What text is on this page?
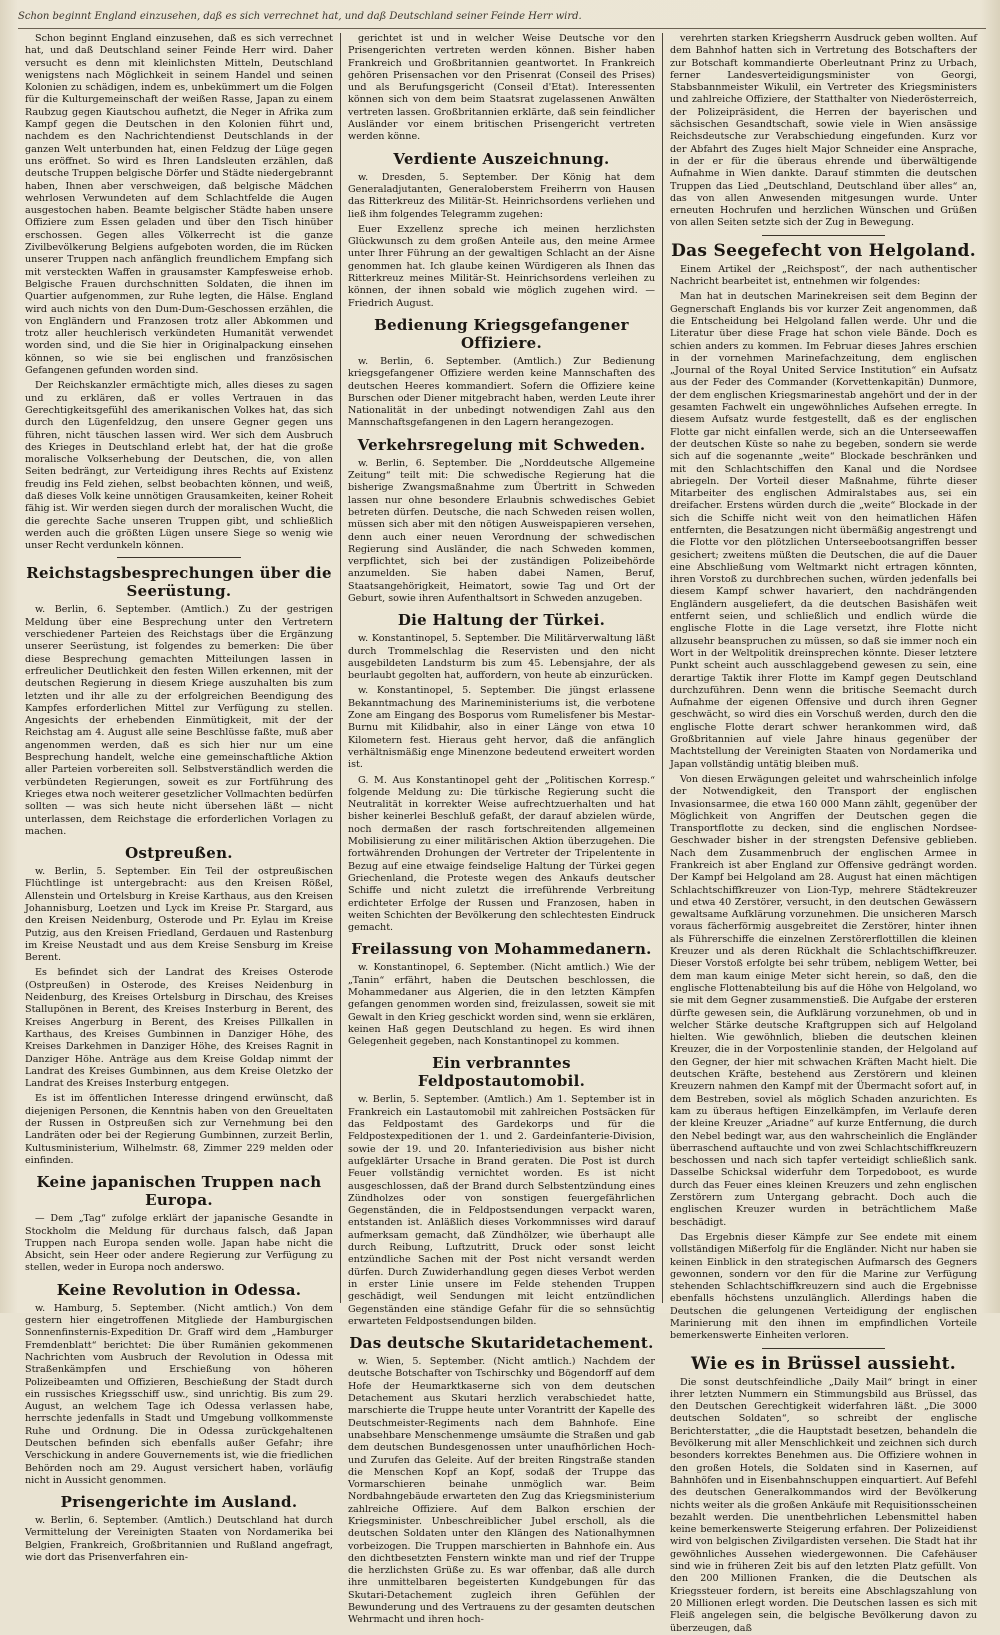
Schon beginnt England einzusehen, daß es sich verrechnet hat, und daß Deutschland seiner Feinde Herr wird.

Schon beginnt England einzusehen, daß es sich verrechnet hat, und daß Deutschland seiner Feinde Herr wird. Daher versucht es denn mit kleinlichsten Mitteln, Deutschland wenigstens nach Möglichkeit in seinem Handel und seinen Kolonien zu schädigen, indem es, unbekümmert um die Folgen für die Kulturgemeinschaft der weißen Rasse, Japan zu einem Raubzug gegen Kiautschou aufhetzt, die Neger in Afrika zum Kampf gegen die Deutschen in den Kolonien führt und, nachdem es den Nachrichtendienst Deutschlands in der ganzen Welt unterbunden hat, einen Feldzug der Lüge gegen uns eröffnet. So wird es Ihren Landsleuten erzählen, daß deutsche Truppen belgische Dörfer und Städte niedergebrannt haben, Ihnen aber verschweigen, daß belgische Mädchen wehrlosen Verwundeten auf dem Schlachtfelde die Augen ausgestochen haben. Beamte belgischer Städte haben unsere Offiziere zum Essen geladen und über den Tisch hinüber erschossen. Gegen alles Völkerrecht ist die ganze Zivilbevölkerung Belgiens aufgeboten worden, die im Rücken unserer Truppen nach anfänglich freundlichem Empfang sich mit versteckten Waffen in grausamster Kampfesweise erhob. Belgische Frauen durchschnitten Soldaten, die ihnen im Quartier aufgenommen, zur Ruhe legten, die Hälse. England wird auch nichts von den Dum-Dum-Geschossen erzählen, die von Engländern und Franzosen trotz aller Abkommen und trotz aller heuchlerisch verkündeten Humanität verwendet worden sind, und die Sie hier in Originalpackung einsehen können, so wie sie bei englischen und französischen Gefangenen gefunden worden sind.

Der Reichskanzler ermächtigte mich, alles dieses zu sagen und zu erklären, daß er volles Vertrauen in das Gerechtigkeitsgefühl des amerikanischen Volkes hat, das sich durch den Lügenfeldzug, den unsere Gegner gegen uns führen, nicht täuschen lassen wird. Wer sich dem Ausbruch des Krieges in Deutschland erlebt hat, der hat die große moralische Volkserhebung der Deutschen, die, von allen Seiten bedrängt, zur Verteidigung ihres Rechts auf Existenz freudig ins Feld ziehen, selbst beobachten können, und weiß, daß dieses Volk keine unnötigen Grausamkeiten, keiner Roheit fähig ist. Wir werden siegen durch der moralischen Wucht, die die gerechte Sache unseren Truppen gibt, und schließlich werden auch die größten Lügen unsere Siege so wenig wie unser Recht verdunkeln können.

Reichstagsbesprechungen über die Seerüstung.

w. Berlin, 6. September. (Amtlich.) Zu der gestrigen Meldung über eine Besprechung unter den Vertretern verschiedener Parteien des Reichstags über die Ergänzung unserer Seerüstung, ist folgendes zu bemerken: Die über diese Besprechung gemachten Mitteilungen lassen in erfreulicher Deutlichkeit den festen Willen erkennen, mit der deutschen Regierung in diesem Kriege auszuhalten bis zum letzten und ihr alle zu der erfolgreichen Beendigung des Kampfes erforderlichen Mittel zur Verfügung zu stellen. Angesichts der erhebenden Einmütigkeit, mit der der Reichstag am 4. August alle seine Beschlüsse faßte, muß aber angenommen werden, daß es sich hier nur um eine Besprechung handelt, welche eine gemeinschaftliche Aktion aller Parteien vorbereiten soll. Selbstverständlich werden die verbündeten Regierungen, soweit es zur Fortführung des Krieges etwa noch weiterer gesetzlicher Vollmachten bedürfen sollten — was sich heute nicht übersehen läßt — nicht unterlassen, dem Reichstage die erforderlichen Vorlagen zu machen.

Ostpreußen.

w. Berlin, 5. September. Ein Teil der ostpreußischen Flüchtlinge ist untergebracht: aus den Kreisen Rößel, Allenstein und Ortelsburg in Kreise Karthaus, aus den Kreisen Johannisburg, Loetzen und Lyck im Kreise Pr. Stargard, aus den Kreisen Neidenburg, Osterode und Pr. Eylau im Kreise Putzig, aus den Kreisen Friedland, Gerdauen und Rastenburg im Kreise Neustadt und aus dem Kreise Sensburg im Kreise Berent.

Es befindet sich der Landrat des Kreises Osterode (Ostpreußen) in Osterode, des Kreises Neidenburg in Neidenburg, des Kreises Ortelsburg in Dirschau, des Kreises Stallupönen in Berent, des Kreises Insterburg in Berent, des Kreises Angerburg in Berent, des Kreises Pillkallen in Karthaus, des Kreises Gumbinnen in Danziger Höhe, des Kreises Darkehmen in Danziger Höhe, des Kreises Ragnit in Danziger Höhe. Anträge aus dem Kreise Goldap nimmt der Landrat des Kreises Gumbinnen, aus dem Kreise Oletzko der Landrat des Kreises Insterburg entgegen.

Es ist im öffentlichen Interesse dringend erwünscht, daß diejenigen Personen, die Kenntnis haben von den Greueltaten der Russen in Ostpreußen sich zur Vernehmung bei den Landräten oder bei der Regierung Gumbinnen, zurzeit Berlin, Kultusministerium, Wilhelmstr. 68, Zimmer 229 melden oder einfinden.

Keine japanischen Truppen nach Europa.

— Dem „Tag“ zufolge erklärt der japanische Gesandte in Stockholm die Meldung für durchaus falsch, daß Japan Truppen nach Europa senden wolle. Japan habe nicht die Absicht, sein Heer oder andere Regierung zur Verfügung zu stellen, weder in Europa noch anderswo.

Keine Revolution in Odessa.

w. Hamburg, 5. September. (Nicht amtlich.) Von dem gestern hier eingetroffenen Mitgliede der Hamburgischen Sonnenfinsternis-Expedition Dr. Graff wird dem „Hamburger Fremdenblatt“ berichtet: Die über Rumänien gekommenen Nachrichten vom Ausbruch der Revolution in Odessa mit Straßenkämpfen und Erschießung von höheren Polizeibeamten und Offizieren, Beschießung der Stadt durch ein russisches Kriegsschiff usw., sind unrichtig. Bis zum 29. August, an welchem Tage ich Odessa verlassen habe, herrschte jedenfalls in Stadt und Umgebung vollkommenste Ruhe und Ordnung. Die in Odessa zurückgehaltenen Deutschen befinden sich ebenfalls außer Gefahr; ihre Verschickung in andere Gouvernements ist, wie die friedlichen Behörden noch am 29. August versichert haben, vorläufig nicht in Aussicht genommen.

Prisengerichte im Ausland.

w. Berlin, 6. September. (Amtlich.) Deutschland hat durch Vermittelung der Vereinigten Staaten von Nordamerika bei Belgien, Frankreich, Großbritannien und Rußland angefragt, wie dort das Prisenverfahren ein-

gerichtet ist und in welcher Weise Deutsche vor den Prisengerichten vertreten werden können. Bisher haben Frankreich und Großbritannien geantwortet. In Frankreich gehören Prisensachen vor den Prisenrat (Conseil des Prises) und als Berufungsgericht (Conseil d'Etat). Interessenten können sich von dem beim Staatsrat zugelassenen Anwälten vertreten lassen. Großbritannien erklärte, daß sein feindlicher Ausländer vor einem britischen Prisengericht vertreten werden könne.

Verdiente Auszeichnung.

w. Dresden, 5. September. Der König hat dem Generaladjutanten, Generaloberstem Freiherrn von Hausen das Ritterkreuz des Militär-St. Heinrichsordens verliehen und ließ ihm folgendes Telegramm zugehen:

Euer Exzellenz spreche ich meinen herzlichsten Glückwunsch zu dem großen Anteile aus, den meine Armee unter Ihrer Führung an der gewaltigen Schlacht an der Aisne genommen hat. Ich glaube keinen Würdigeren als Ihnen das Ritterkreuz meines Militär-St. Heinrichsordens verleihen zu können, der ihnen sobald wie möglich zugehen wird. — Friedrich August.

Bedienung Kriegsgefangener Offiziere.

w. Berlin, 6. September. (Amtlich.) Zur Bedienung kriegsgefangener Offiziere werden keine Mannschaften des deutschen Heeres kommandiert. Sofern die Offiziere keine Burschen oder Diener mitgebracht haben, werden Leute ihrer Nationalität in der unbedingt notwendigen Zahl aus den Mannschaftsgefangenen in den Lagern herangezogen.

Verkehrsregelung mit Schweden.

w. Berlin, 6. September. Die „Norddeutsche Allgemeine Zeitung“ teilt mit: Die schwedische Regierung hat die bisherige Zwangsmaßnahme zum Übertritt in Schweden lassen nur ohne besondere Erlaubnis schwedisches Gebiet betreten dürfen. Deutsche, die nach Schweden reisen wollen, müssen sich aber mit den nötigen Ausweispapieren versehen, denn auch einer neuen Verordnung der schwedischen Regierung sind Ausländer, die nach Schweden kommen, verpflichtet, sich bei der zuständigen Polizeibehörde anzumelden. Sie haben dabei Namen, Beruf, Staatsangehörigkeit, Heimatort, sowie Tag und Ort der Geburt, sowie ihren Aufenthaltsort in Schweden anzugeben.

Die Haltung der Türkei.

w. Konstantinopel, 5. September. Die Militärverwaltung läßt durch Trommelschlag die Reservisten und den nicht ausgebildeten Landsturm bis zum 45. Lebensjahre, der als beurlaubt gegolten hat, auffordern, von heute ab einzurücken.

w. Konstantinopel, 5. September. Die jüngst erlassene Bekanntmachung des Marineministeriums ist, die verbotene Zone am Eingang des Bosporus vom Rumelisfener bis Mestar-Burnu mit Kilidbahir, also in einer Länge von etwa 10 Kilometern fest. Hieraus geht hervor, daß die anfänglich verhältnismäßig enge Minenzone bedeutend erweitert worden ist.

G. M. Aus Konstantinopel geht der „Politischen Korresp.“ folgende Meldung zu: Die türkische Regierung sucht die Neutralität in korrekter Weise aufrechtzuerhalten und hat bisher keinerlei Beschluß gefaßt, der darauf abzielen würde, noch dermaßen der rasch fortschreitenden allgemeinen Mobilisierung zu einer militärischen Aktion überzugehen. Die fortwährenden Drohungen der Vertreter der Tripelentente in Bezug auf eine etwaige feindselige Haltung der Türkei gegen Griechenland, die Proteste wegen des Ankaufs deutscher Schiffe und nicht zuletzt die irreführende Verbreitung erdichteter Erfolge der Russen und Franzosen, haben in weiten Schichten der Bevölkerung den schlechtesten Eindruck gemacht.

Freilassung von Mohammedanern.

w. Konstantinopel, 6. September. (Nicht amtlich.) Wie der „Tanin“ erfährt, haben die Deutschen beschlossen, die Mohammedaner aus Algerien, die in den letzten Kämpfen gefangen genommen worden sind, freizulassen, soweit sie mit Gewalt in den Krieg geschickt worden sind, wenn sie erklären, keinen Haß gegen Deutschland zu hegen. Es wird ihnen Gelegenheit gegeben, nach Konstantinopel zu kommen.

Ein verbranntes Feldpostautomobil.

w. Berlin, 5. September. (Amtlich.) Am 1. September ist in Frankreich ein Lastautomobil mit zahlreichen Postsäcken für das Feldpostamt des Gardekorps und für die Feldpostexpeditionen der 1. und 2. Gardeinfanterie-Division, sowie der 19. und 20. Infanteriedivision aus bisher nicht aufgeklärter Ursache in Brand geraten. Die Post ist durch Feuer vollständig vernichtet worden. Es ist nicht ausgeschlossen, daß der Brand durch Selbstentzündung eines Zündholzes oder von sonstigen feuergefährlichen Gegenständen, die in Feldpostsendungen verpackt waren, entstanden ist. Anläßlich dieses Vorkommnisses wird darauf aufmerksam gemacht, daß Zündhölzer, wie überhaupt alle durch Reibung, Luftzutritt, Druck oder sonst leicht entzündliche Sachen mit der Post nicht versandt werden dürfen. Durch Zuwiderhandlung gegen dieses Verbot werden in erster Linie unsere im Felde stehenden Truppen geschädigt, weil Sendungen mit leicht entzündlichen Gegenständen eine ständige Gefahr für die so sehnsüchtig erwarteten Feldpostsendungen bilden.

Das deutsche Skutaridetachement.

w. Wien, 5. September. (Nicht amtlich.) Nachdem der deutsche Botschafter von Tschirschky und Bögendorff auf dem Hofe der Heumarktkaserne sich von dem deutschen Detachement aus Skutari herzlich verabschiedet hatte, marschierte die Truppe heute unter Vorantritt der Kapelle des Deutschmeister-Regiments nach dem Bahnhofe. Eine unabsehbare Menschenmenge umsäumte die Straßen und gab dem deutschen Bundesgenossen unter unaufhörlichen Hoch- und Zurufen das Geleite. Auf der breiten Ringstraße standen die Menschen Kopf an Kopf, sodaß der Truppe das Vormarschieren beinahe unmöglich war. Beim Nordbahngebäude erwarteten den Zug das Kriegsministerium zahlreiche Offiziere. Auf dem Balkon erschien der Kriegsminister. Unbeschreiblicher Jubel erscholl, als die deutschen Soldaten unter den Klängen des Nationalhymnen vorbeizogen. Die Truppen marschierten in Bahnhofe ein. Aus den dichtbesetzten Fenstern winkte man und rief der Truppe die herzlichsten Grüße zu. Es war offenbar, daß alle durch ihre unmittelbaren begeisterten Kundgebungen für das Skutari-Detachement zugleich ihren Gefühlen der Bewunderung und des Vertrauens zu der gesamten deutschen Wehrmacht und ihren hoch-

verehrten starken Kriegsherrn Ausdruck geben wollten. Auf dem Bahnhof hatten sich in Vertretung des Botschafters der zur Botschaft kommandierte Oberleutnant Prinz zu Urbach, ferner Landesverteidigungsminister von Georgi, Stabsbannmeister Wikulil, ein Vertreter des Kriegsministers und zahlreiche Offiziere, der Statthalter von Niederösterreich, der Polizeipräsident, die Herren der bayerischen und sächsischen Gesandtschaft, sowie viele in Wien ansässige Reichsdeutsche zur Verabschiedung eingefunden. Kurz vor der Abfahrt des Zuges hielt Major Schneider eine Ansprache, in der er für die überaus ehrende und überwältigende Aufnahme in Wien dankte. Darauf stimmten die deutschen Truppen das Lied „Deutschland, Deutschland über alles“ an, das von allen Anwesenden mitgesungen wurde. Unter erneuten Hochrufen und herzlichen Wünschen und Grüßen von allen Seiten setzte sich der Zug in Bewegung.

Das Seegefecht von Helgoland.

Einem Artikel der „Reichspost“, der nach authentischer Nachricht bearbeitet ist, entnehmen wir folgendes:

Man hat in deutschen Marinekreisen seit dem Beginn der Gegnerschaft Englands bis vor kurzer Zeit angenommen, daß die Entscheidung bei Helgoland fallen werde. Uhr und die Literatur über diese Frage hat schon viele Bände. Doch es schien anders zu kommen. Im Februar dieses Jahres erschien in der vornehmen Marinefachzeitung, dem englischen „Journal of the Royal United Service Institution“ ein Aufsatz aus der Feder des Commander (Korvettenkapitän) Dunmore, der dem englischen Kriegsmarinestab angehört und der in der gesamten Fachwelt ein ungewöhnliches Aufsehen erregte. In diesem Aufsatz wurde festgestellt, daß es der englischen Flotte gar nicht einfallen werde, sich an die Unterseewaffen der deutschen Küste so nahe zu begeben, sondern sie werde sich auf die sogenannte „weite“ Blockade beschränken und mit den Schlachtschiffen den Kanal und die Nordsee abriegeln. Der Vorteil dieser Maßnahme, führte dieser Mitarbeiter des englischen Admiralstabes aus, sei ein dreifacher. Erstens würden durch die „weite“ Blockade in der sich die Schiffe nicht weit von den heimatlichen Häfen entfernten, die Besatzungen nicht übermäßig angestrengt und die Flotte vor den plötzlichen Unterseebootsangriffen besser gesichert; zweitens müßten die Deutschen, die auf die Dauer eine Abschließung vom Weltmarkt nicht ertragen könnten, ihren Vorstoß zu durchbrechen suchen, würden jedenfalls bei diesem Kampf schwer havariert, den nachdrängenden Engländern ausgeliefert, da die deutschen Basishäfen weit entfernt seien, und schließlich und endlich würde die englische Flotte in die Lage versetzt, ihre Flotte nicht allzusehr beanspruchen zu müssen, so daß sie immer noch ein Wort in der Weltpolitik dreinsprechen könnte. Dieser letztere Punkt scheint auch ausschlaggebend gewesen zu sein, eine derartige Taktik ihrer Flotte im Kampf gegen Deutschland durchzuführen. Denn wenn die britische Seemacht durch Aufnahme der eigenen Offensive und durch ihren Gegner geschwächt, so wird dies ein Vorschuß werden, durch den die englische Flotte derart schwer herankommen wird, daß Großbritannien auf viele Jahre hinaus gegenüber der Machtstellung der Vereinigten Staaten von Nordamerika und Japan vollständig untätig bleiben muß.

Von diesen Erwägungen geleitet und wahrscheinlich infolge der Notwendigkeit, den Transport der englischen Invasionsarmee, die etwa 160 000 Mann zählt, gegenüber der Möglichkeit von Angriffen der Deutschen gegen die Transportflotte zu decken, sind die englischen Nordsee-Geschwader bisher in der strengsten Defensive geblieben. Nach dem Zusammenbruch der englischen Armee in Frankreich ist aber England zur Offensive gedrängt worden. Der Kampf bei Helgoland am 28. August hat einen mächtigen Schlachtschiffkreuzer von Lion-Typ, mehrere Städtekreuzer und etwa 40 Zerstörer, versucht, in den deutschen Gewässern gewaltsame Aufklärung vorzunehmen. Die unsicheren Marsch voraus fächerförmig ausgebreitet die Zerstörer, hinter ihnen als Führerschiffe die einzelnen Zerstörerflottillen die kleinen Kreuzer und als deren Rückhalt die Schlachtschiffkreuzer. Dieser Vorstoß erfolgte bei sehr trübem, nebligem Wetter, bei dem man kaum einige Meter sicht herein, so daß, den die englische Flottenabteilung bis auf die Höhe von Helgoland, wo sie mit dem Gegner zusammenstieß. Die Aufgabe der ersteren dürfte gewesen sein, die Aufklärung vorzunehmen, ob und in welcher Stärke deutsche Kraftgruppen sich auf Helgoland hielten. Wie gewöhnlich, blieben die deutschen kleinen Kreuzer, die in der Vorpostenlinie standen, der Helgoland auf den Gegner, der hier mit schwachen Kräften Macht hielt. Die deutschen Kräfte, bestehend aus Zerstörern und kleinen Kreuzern nahmen den Kampf mit der Übermacht sofort auf, in dem Bestreben, soviel als möglich Schaden anzurichten. Es kam zu überaus heftigen Einzelkämpfen, im Verlaufe deren der kleine Kreuzer „Ariadne“ auf kurze Entfernung, die durch den Nebel bedingt war, aus den wahrscheinlich die Engländer überraschend auftauchte und von zwei Schlachtschiffkreuzern beschossen und nach sich tapfer verteidigt schließlich sank. Dasselbe Schicksal widerfuhr dem Torpedoboot, es wurde durch das Feuer eines kleinen Kreuzers und zehn englischen Zerstörern zum Untergang gebracht. Doch auch die englischen Kreuzer wurden in beträchtlichem Maße beschädigt.

Das Ergebnis dieser Kämpfe zur See endete mit einem vollständigen Mißerfolg für die Engländer. Nicht nur haben sie keinen Einblick in den strategischen Aufmarsch des Gegners gewonnen, sondern vor den für die Marine zur Verfügung stehenden Schlachtschiffkreuzern sind auch die Ergebnisse ebenfalls höchstens unzulänglich. Allerdings haben die Deutschen die gelungenen Verteidigung der englischen Marinierung mit den ihnen im empfindlichen Vorteile bemerkenswerte Einheiten verloren.

Wie es in Brüssel aussieht.

Die sonst deutschfeindliche „Daily Mail“ bringt in einer ihrer letzten Nummern ein Stimmungsbild aus Brüssel, das den Deutschen Gerechtigkeit widerfahren läßt. „Die 3000 deutschen Soldaten“, so schreibt der englische Berichterstatter, „die die Hauptstadt besetzen, behandeln die Bevölkerung mit aller Menschlichkeit und zeichnen sich durch besonders korrektes Benehmen aus. Die Offiziere wohnen in den großen Hotels, die Soldaten sind in Kasernen, auf Bahnhöfen und in Eisenbahnschuppen einquartiert. Auf Befehl des deutschen Generalkommandos wird der Bevölkerung nichts weiter als die großen Ankäufe mit Requisitionsscheinen bezahlt werden. Die unentbehrlichen Lebensmittel haben keine bemerkenswerte Steigerung erfahren. Der Polizeidienst wird von belgischen Zivilgardisten versehen. Die Stadt hat ihr gewöhnliches Aussehen wiedergewonnen. Die Cafehäuser sind wie in früheren Zeit bis auf den letzten Platz gefüllt. Von den 200 Millionen Franken, die die Deutschen als Kriegssteuer fordern, ist bereits eine Abschlagszahlung von 20 Millionen erlegt worden. Die Deutschen lassen es sich mit Fleiß angelegen sein, die belgische Bevölkerung davon zu überzeugen, daß
